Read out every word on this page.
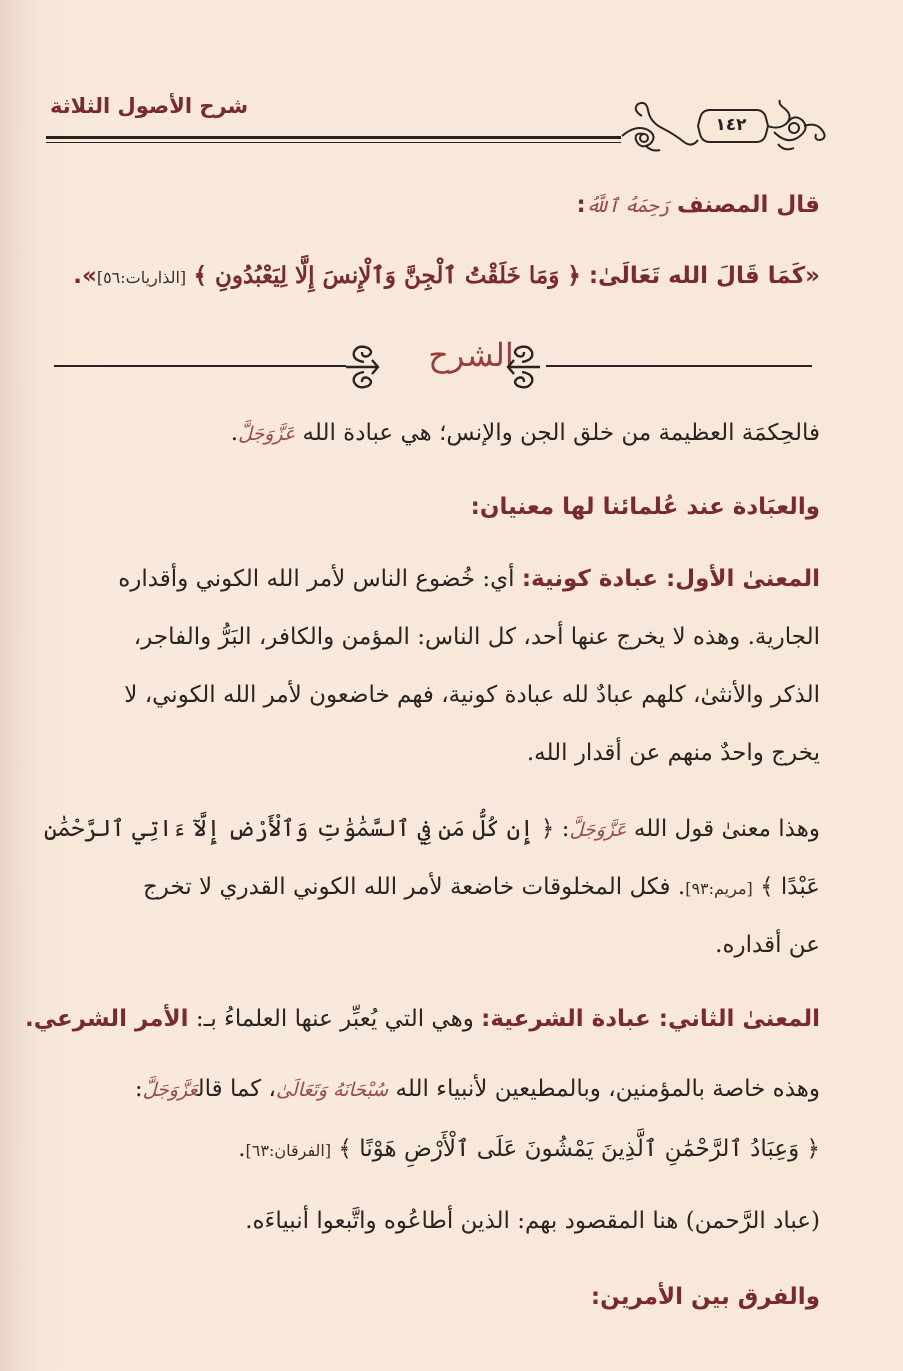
شرح الأصول الثلاثة
١٤٢
قال المصنف رَحِمَهُ ٱللَّهُ:
«كَمَا قَالَ الله تَعَالَىٰ: ﴿ وَمَا خَلَقْتُ ٱلْجِنَّ وَٱلْإِنسَ إِلَّا لِيَعْبُدُونِ ﴾ [الذاريات:٥٦]».
الشرح
فالحِكمَة العظيمة من خلق الجن والإنس؛ هي عبادة الله عَزَّوَجَلَّ.
والعبَادة عند عُلمائنا لها معنيان:
المعنىٰ الأول: عبادة كونية: أي: خُضوع الناس لأمر الله الكوني وأقداره
الجارية. وهذه لا يخرج عنها أحد، كل الناس: المؤمن والكافر، البَرُّ والفاجر،
الذكر والأنثىٰ، كلهم عبادٌ لله عبادة كونية، فهم خاضعون لأمر الله الكوني، لا
يخرج واحدٌ منهم عن أقدار الله.
وهذا معنىٰ قول الله عَزَّوَجَلَّ: ﴿ إِن كُلُّ مَن فِي ٱلسَّمَٰوَٰتِ وَٱلْأَرْضِ إِلَّآ ءَاتِي ٱلرَّحْمَٰنِ
عَبْدًا ﴾ [مريم:٩٣]. فكل المخلوقات خاضعة لأمر الله الكوني القدري لا تخرج
عن أقداره.
المعنىٰ الثاني: عبادة الشرعية: وهي التي يُعبِّر عنها العلماءُ بـ: الأمر الشرعي.
وهذه خاصة بالمؤمنين، وبالمطيعين لأنبياء الله سُبْحَانَهُ وَتَعَالَىٰ، كما قالعَزَّوَجَلَّ:
﴿ وَعِبَادُ ٱلرَّحْمَٰنِ ٱلَّذِينَ يَمْشُونَ عَلَى ٱلْأَرْضِ هَوْنًا ﴾ [الفرقان:٦٣].
(عباد الرَّحمن) هنا المقصود بهم: الذين أطاعُوه واتَّبعوا أنبياءَه.
والفرق بين الأمرين:
